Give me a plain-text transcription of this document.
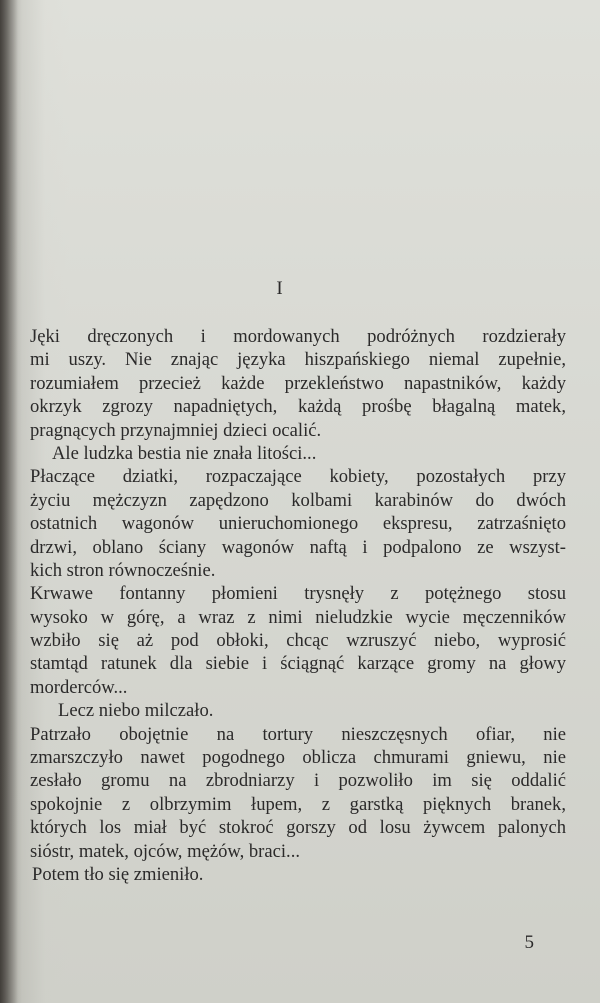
I
Jęki dręczonych i mordowanych podróżnych rozdzierały
mi uszy. Nie znając języka hiszpańskiego niemal zupełnie,
rozumiałem przecież każde przekleństwo napastników, każdy
okrzyk zgrozy napadniętych, każdą prośbę błagalną matek,
pragnących przynajmniej dzieci ocalić.
Ale ludzka bestia nie znała litości...
Płaczące dziatki, rozpaczające kobiety, pozostałych przy
życiu mężczyzn zapędzono kolbami karabinów do dwóch
ostatnich wagonów unieruchomionego ekspresu, zatrzaśnięto
drzwi, oblano ściany wagonów naftą i podpalono ze wszyst-
kich stron równocześnie.
Krwawe fontanny płomieni trysnęły z potężnego stosu
wysoko w górę, a wraz z nimi nieludzkie wycie męczenników
wzbiło się aż pod obłoki, chcąc wzruszyć niebo, wyprosić
stamtąd ratunek dla siebie i ściągnąć karzące gromy na głowy
morderców...
Lecz niebo milczało.
Patrzało obojętnie na tortury nieszczęsnych ofiar, nie
zmarszczyło nawet pogodnego oblicza chmurami gniewu, nie
zesłało gromu na zbrodniarzy i pozwoliło im się oddalić
spokojnie z olbrzymim łupem, z garstką pięknych branek,
których los miał być stokroć gorszy od losu żywcem palonych
sióstr, matek, ojców, mężów, braci...
Potem tło się zmieniło.
5
